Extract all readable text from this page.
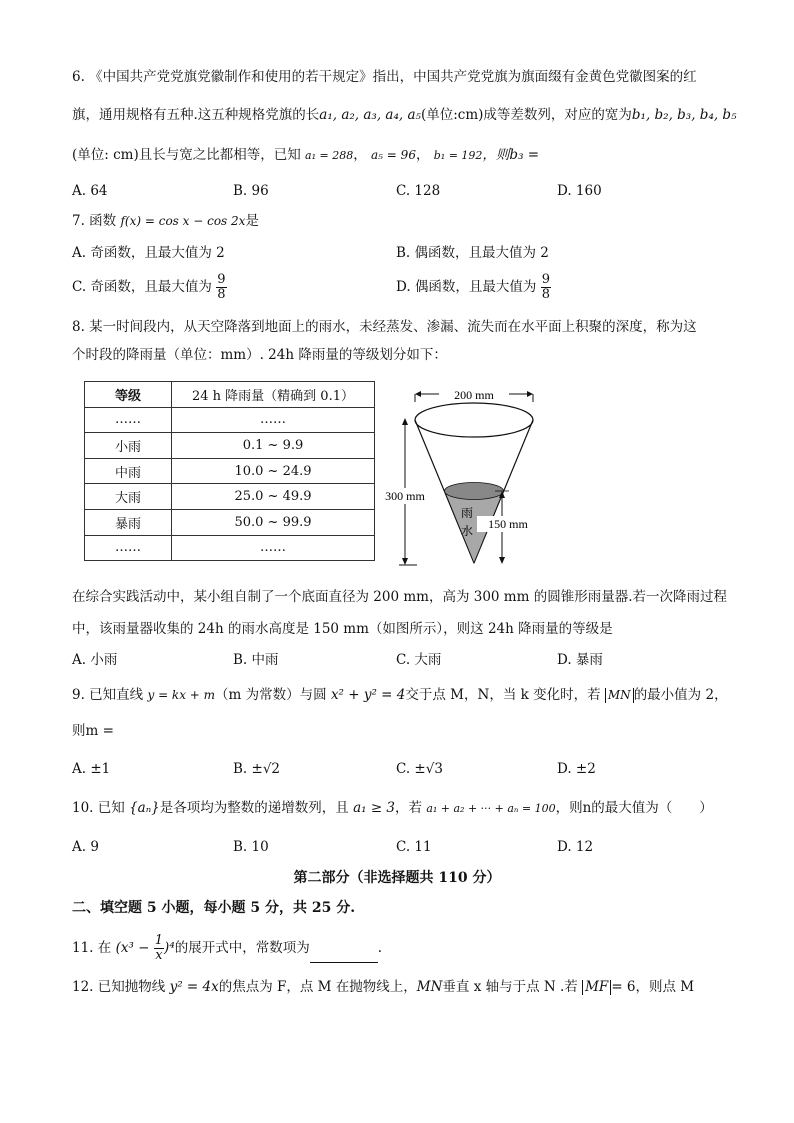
6. 《中国共产党党旗党徽制作和使用的若干规定》指出，中国共产党党旗为旗面缀有金黄色党徽图案的红
旗，通用规格有五种.这五种规格党旗的长a₁, a₂, a₃, a₄, a₅(单位:cm)成等差数列，对应的宽为b₁, b₂, b₃, b₄, b₅
(单位: cm)且长与宽之比都相等，已知 a₁ = 288， a₅ = 96， b₁ = 192，则b₃ =
A. 64	B. 96	C. 128	D. 160
7. 函数 f(x) = cos x − cos 2x是
A. 奇函数，且最大值为 2	B. 偶函数，且最大值为 2
C. 奇函数，且最大值为 $\frac{9}{8}$	D. 偶函数，且最大值为 $\frac{9}{8}$
8. 某一时间段内，从天空降落到地面上的雨水，未经蒸发、渗漏、流失而在水平面上积聚的深度，称为这
个时段的降雨量（单位：mm）. 24h 降雨量的等级划分如下：
等级	24 h 降雨量（精确到 0.1）
……	……
小雨	0.1 ~ 9.9
中雨	10.0 ~ 24.9
大雨	25.0 ~ 49.9
暴雨	50.0 ~ 99.9
……	……
200 mm
雨
水
300 mm
150 mm
在综合实践活动中，某小组自制了一个底面直径为 200 mm，高为 300 mm 的圆锥形雨量器.若一次降雨过程
中，该雨量器收集的 24h 的雨水高度是 150 mm（如图所示），则这 24h 降雨量的等级是
A. 小雨	B. 中雨	C. 大雨	D. 暴雨
9. 已知直线 y = kx + m（m 为常数）与圆 x² + y² = 4交于点 M，N，当 k 变化时，若 MN 的最小值为 2，
则m =
A. ±1	B. ±√2	C. ±√3	D. ±2
10. 已知 {aₙ}是各项均为整数的递增数列，且 a₁ ≥ 3，若 a₁ + a₂ + ··· + aₙ = 100，则n的最大值为（　　）
A. 9	B. 10	C. 11	D. 12
第二部分（非选择题共 110 分）
二、填空题 5 小题，每小题 5 分，共 25 分.
11. 在 $(x^3 - \frac{1}{x} )^4$的展开式中，常数项为	.
12. 已知抛物线 y² = 4x的焦点为 F，点 M 在抛物线上，MN垂直 x 轴与于点 N .若 MF = 6，则点 M
